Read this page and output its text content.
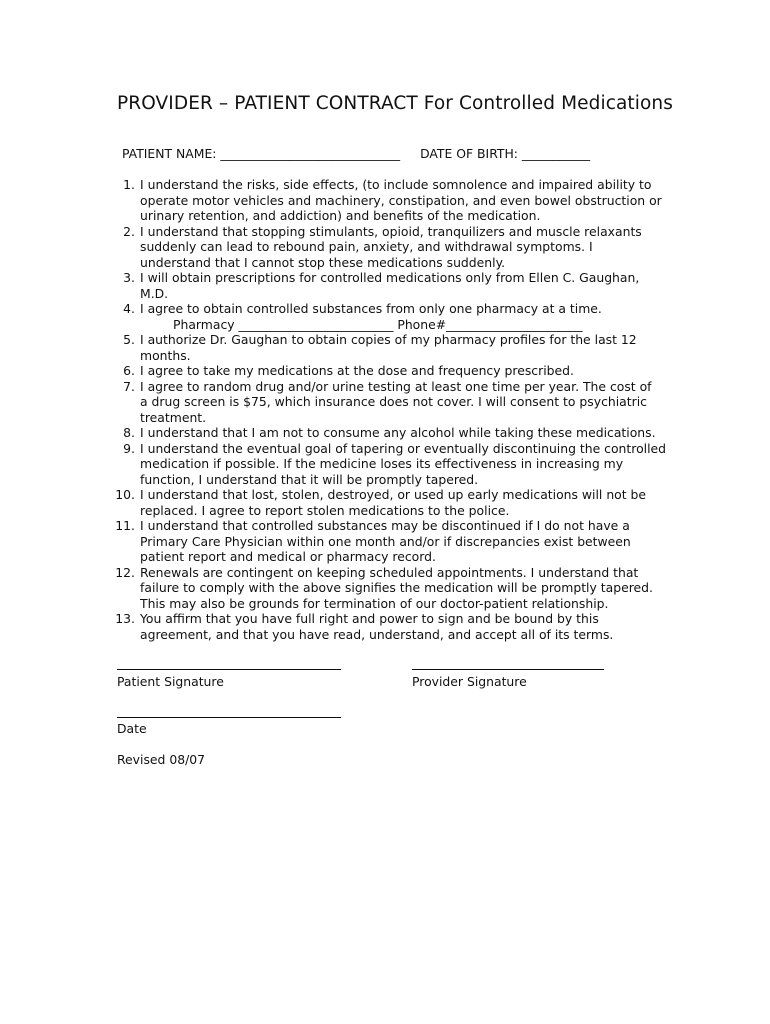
PROVIDER – PATIENT CONTRACT For Controlled Medications
PATIENT NAME: _____________________________ DATE OF BIRTH: ___________
1. I understand the risks, side effects, (to include somnolence and impaired ability to
operate motor vehicles and machinery, constipation, and even bowel obstruction or
urinary retention, and addiction) and benefits of the medication.
2. I understand that stopping stimulants, opioid, tranquilizers and muscle relaxants
suddenly can lead to rebound pain, anxiety, and withdrawal symptoms. I
understand that I cannot stop these medications suddenly.
3. I will obtain prescriptions for controlled medications only from Ellen C. Gaughan,
M.D.
4. I agree to obtain controlled substances from only one pharmacy at a time.
Pharmacy _________________________ Phone#______________________
5. I authorize Dr. Gaughan to obtain copies of my pharmacy profiles for the last 12
months.
6. I agree to take my medications at the dose and frequency prescribed.
7. I agree to random drug and/or urine testing at least one time per year. The cost of
a drug screen is $75, which insurance does not cover. I will consent to psychiatric
treatment.
8. I understand that I am not to consume any alcohol while taking these medications.
9. I understand the eventual goal of tapering or eventually discontinuing the controlled
medication if possible. If the medicine loses its effectiveness in increasing my
function, I understand that it will be promptly tapered.
10. I understand that lost, stolen, destroyed, or used up early medications will not be
replaced. I agree to report stolen medications to the police.
11. I understand that controlled substances may be discontinued if I do not have a
Primary Care Physician within one month and/or if discrepancies exist between
patient report and medical or pharmacy record.
12. Renewals are contingent on keeping scheduled appointments. I understand that
failure to comply with the above signifies the medication will be promptly tapered.
This may also be grounds for termination of our doctor-patient relationship.
13. You affirm that you have full right and power to sign and be bound by this
agreement, and that you have read, understand, and accept all of its terms.
Patient Signature	Provider Signature
Date
Revised 08/07
